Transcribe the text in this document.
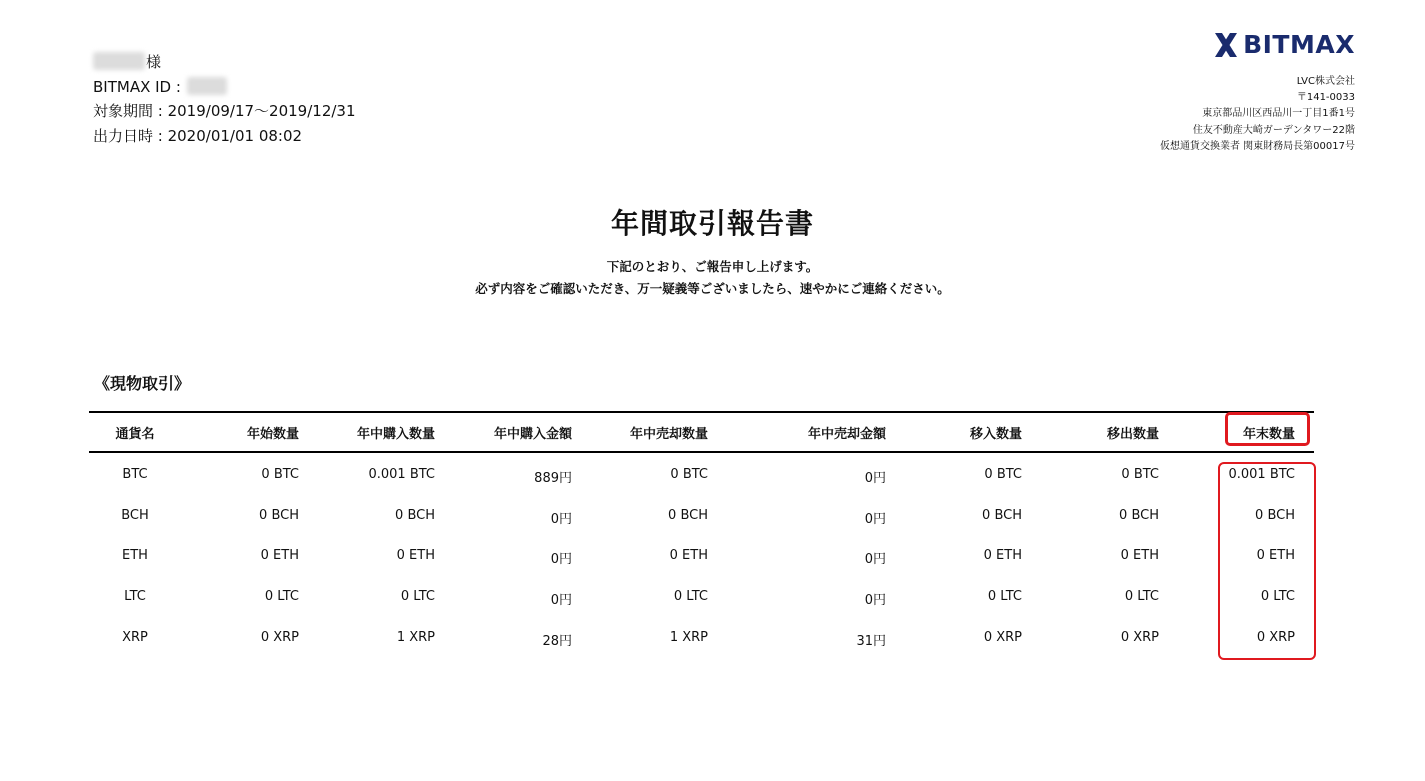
様
BITMAX ID :
対象期間 : 2019/09/17〜2019/12/31
出力日時 : 2020/01/01 08:02
BITMAX
LVC株式会社
〒141-0033
東京都品川区西品川一丁目1番1号
住友不動産大崎ガーデンタワー22階
仮想通貨交換業者 関東財務局長第00017号
年間取引報告書
下記のとおり、ご報告申し上げます。
必ず内容をご確認いただき、万一疑義等ございましたら、速やかにご連絡ください。
《現物取引》
通貨名	年始数量	年中購入数量	年中購入金額	年中売却数量	年中売却金額	移入数量	移出数量	年末数量
BTC	0 BTC	0.001 BTC	889円	0 BTC	0円	0 BTC	0 BTC	0.001 BTC
BCH	0 BCH	0 BCH	0円	0 BCH	0円	0 BCH	0 BCH	0 BCH
ETH	0 ETH	0 ETH	0円	0 ETH	0円	0 ETH	0 ETH	0 ETH
LTC	0 LTC	0 LTC	0円	0 LTC	0円	0 LTC	0 LTC	0 LTC
XRP	0 XRP	1 XRP	28円	1 XRP	31円	0 XRP	0 XRP	0 XRP
